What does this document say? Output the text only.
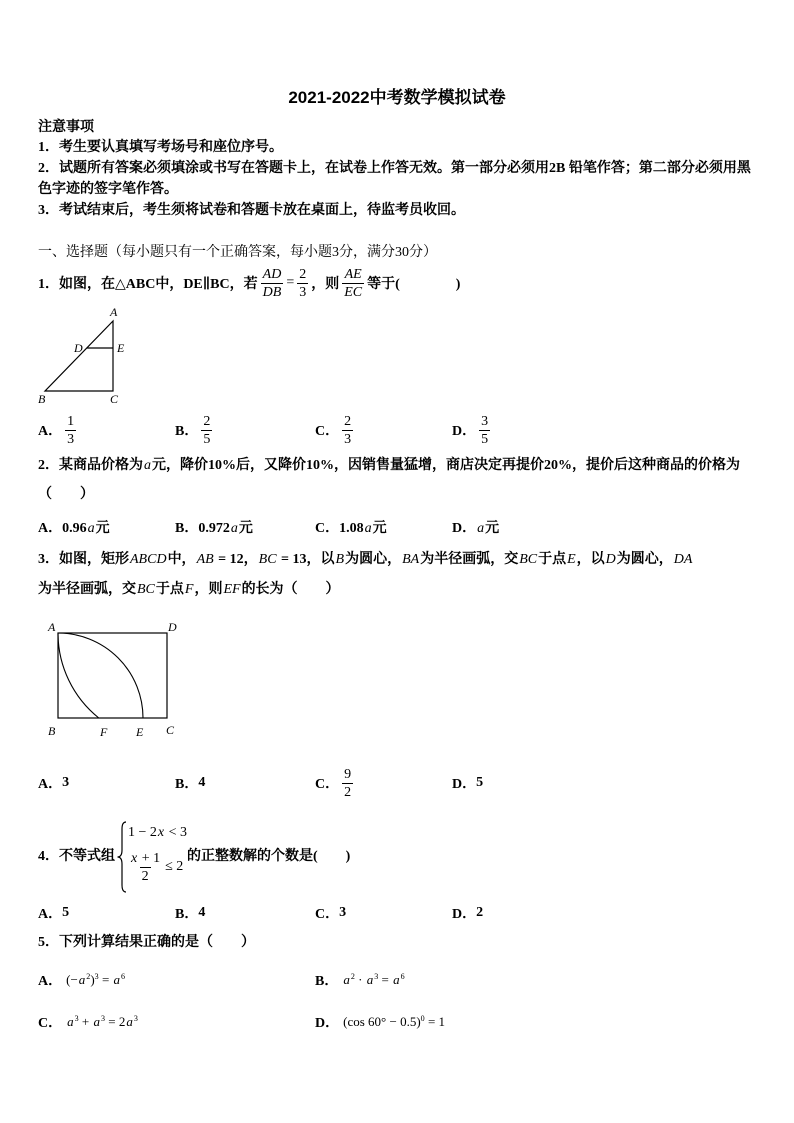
2021-2022中考数学模拟试卷
注意事项
1．考生要认真填写考场号和座位序号。
2．试题所有答案必须填涂或书写在答题卡上，在试卷上作答无效。第一部分必须用2B 铅笔作答；第二部分必须用黑
色字迹的签字笔作答。
3．考试结束后，考生须将试卷和答题卡放在桌面上，待监考员收回。
一、选择题（每小题只有一个正确答案，每小题3分，满分30分）
1．如图，在△ABC中，DE∥BC，若 $\frac{AD}{DB} = \frac{2}{3}$ ，则 $\frac{AE}{EC}$ 等于(　　　　)
A
D	E
B	C
A． $\frac{1}{3}$	B． $\frac{2}{5}$	C． $\frac{2}{3}$	D． $\frac{3}{5}$
2．某商品价格为a元，降价10%后，又降价10%，因销售量猛增，商店决定再提价20%，提价后这种商品的价格为
（　　）
A． 0.96a元	B． 0.972a元	C． 1.08a元	D． a元
3．如图，矩形ABCD中，AB = 12，BC = 13，以B为圆心，BA为半径画弧，交BC于点E，以D为圆心，DA
为半径画弧，交BC于点F，则EF的长为（　　）
A	D
B	F E C
A． 3	B． 4	C． $\frac{9}{2}$	D． 5
4．不等式组
1 − 2x < 3
$\frac{x + 1}{2} \le 2$
的正整数解的个数是(　　)
A． 5	B． 4	C． 3	D． 2
5．下列计算结果正确的是（　　）
A． $(-a^2)^3 = a^6$	B． $a^2 \cdot a^3 = a^6$
C． $a^3 + a^3 = 2a^3$	D． (cos 60° − 0.5)$^0$ = 1
